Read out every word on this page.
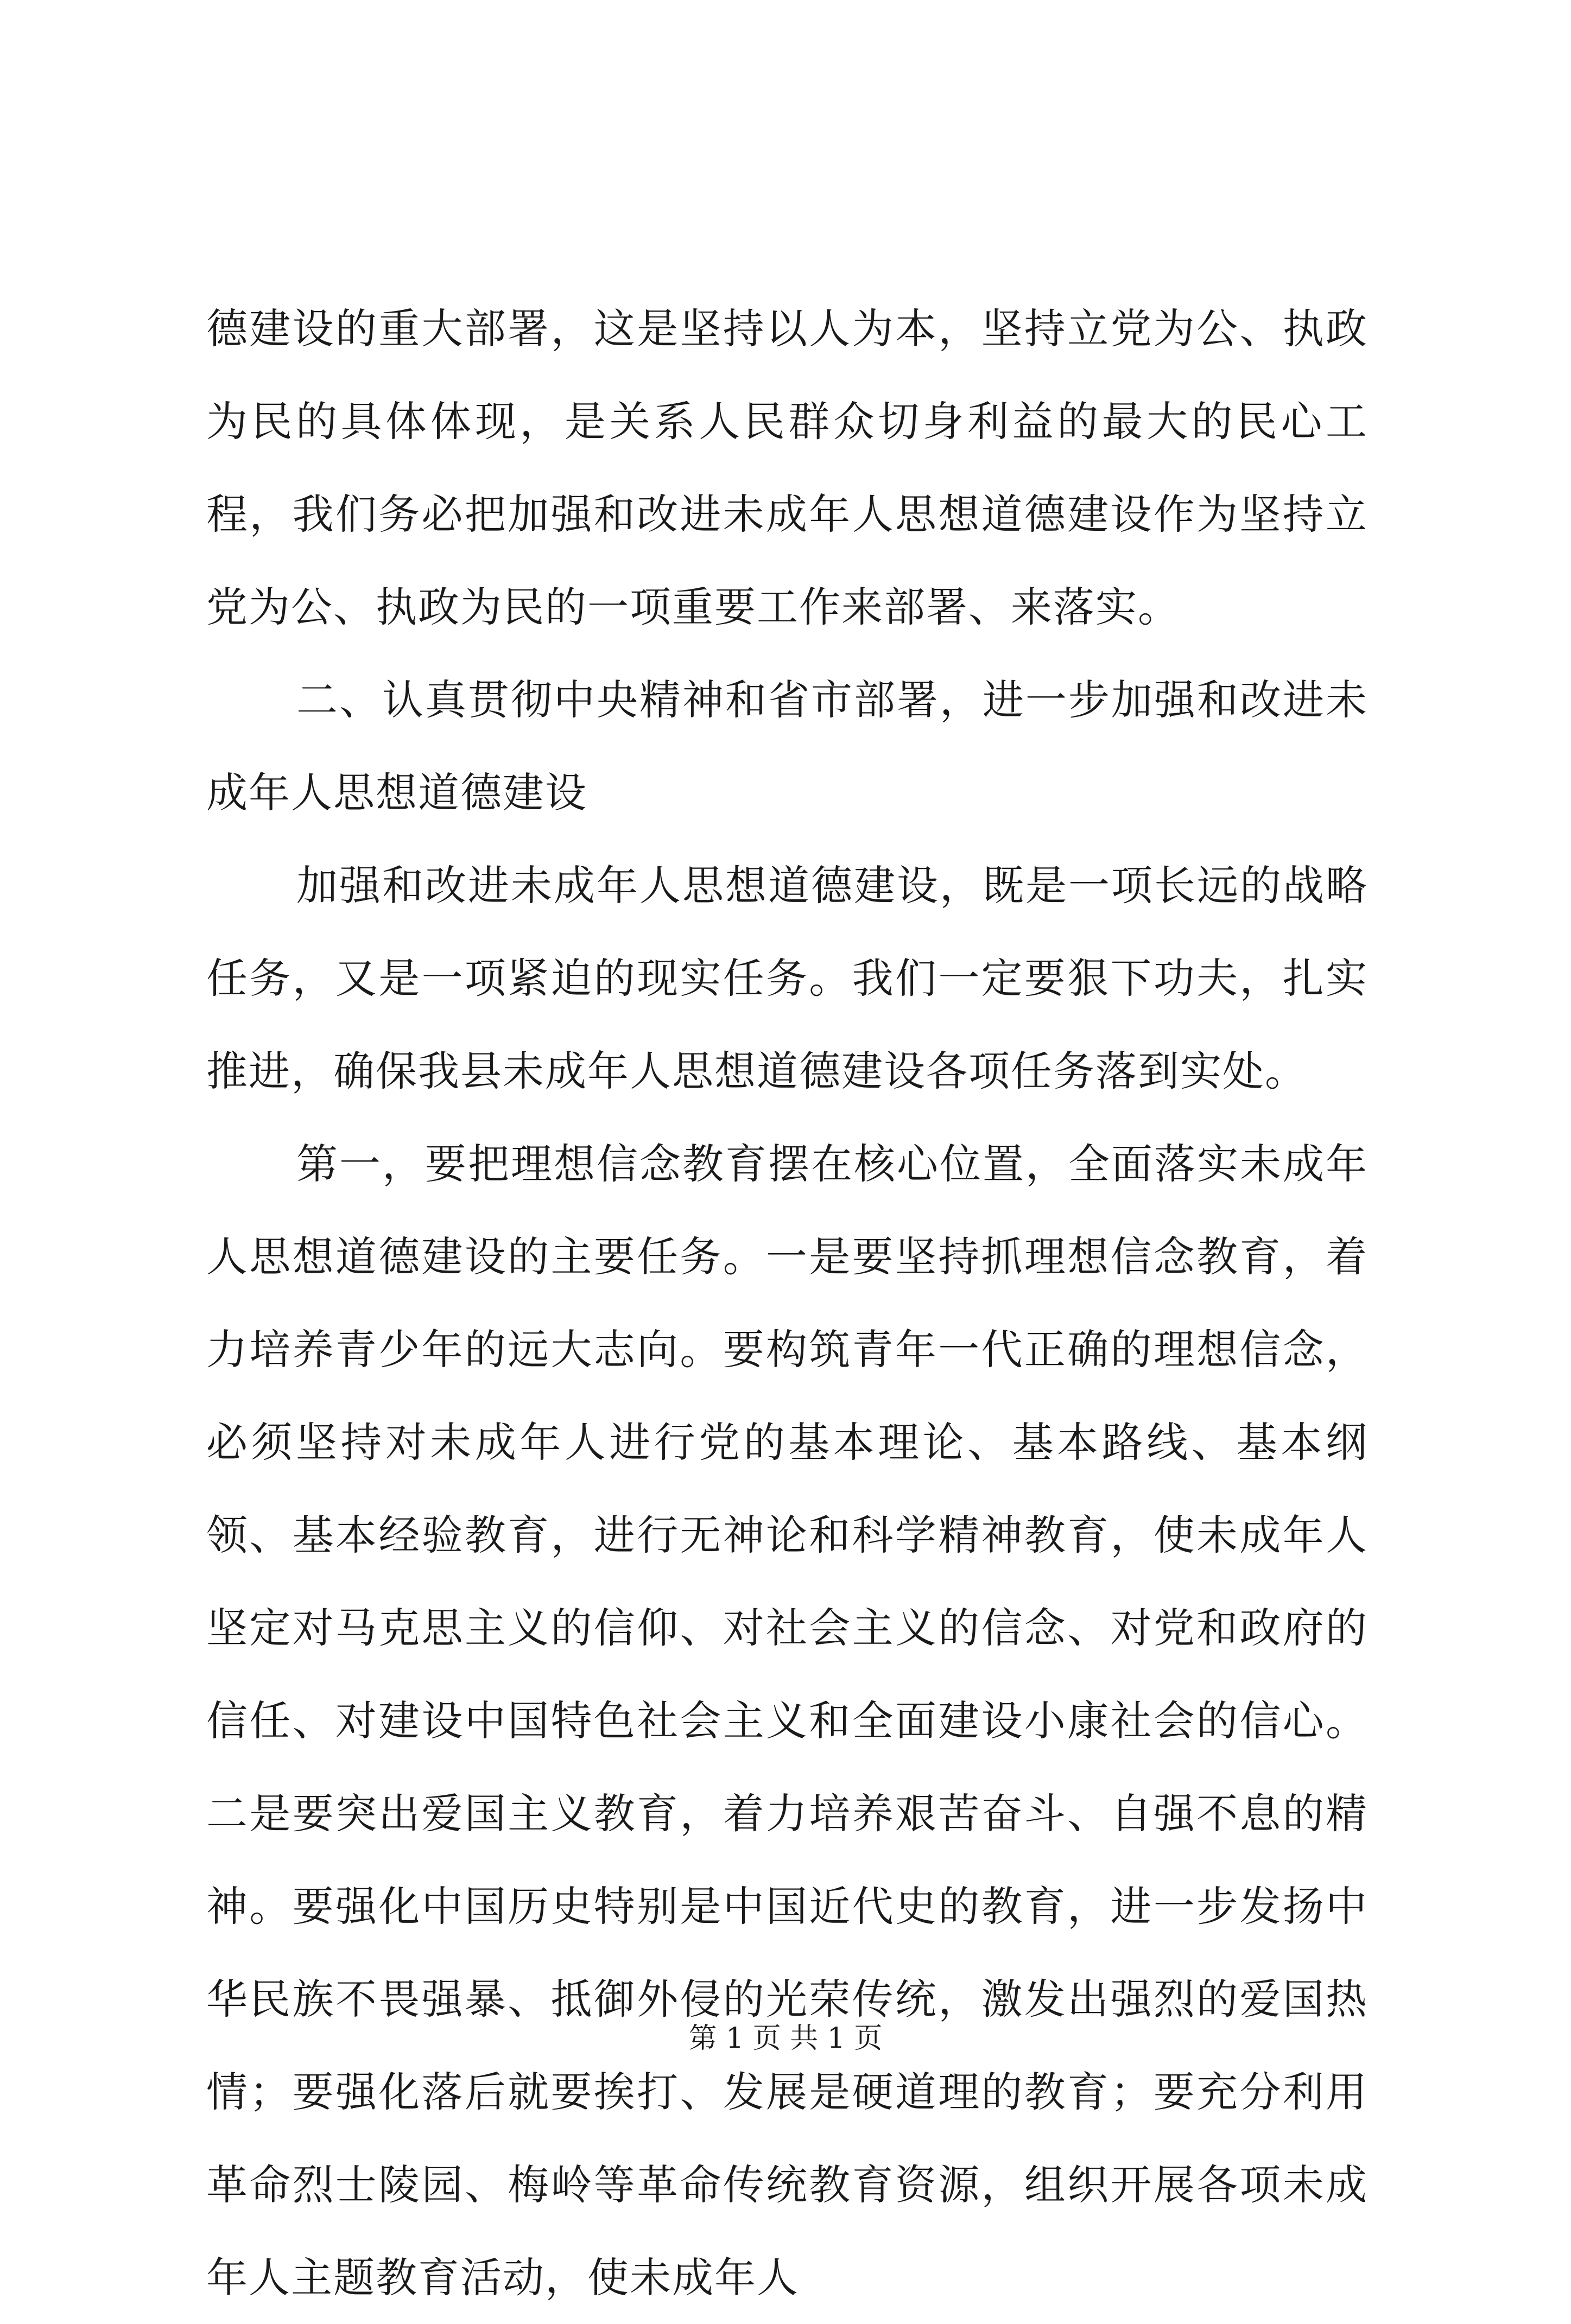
德建设的重大部署，这是坚持以人为本，坚持立党为公、执政为民的具体体现，是关系人民群众切身利益的最大的民心工程，我们务必把加强和改进未成年人思想道德建设作为坚持立党为公、执政为民的一项重要工作来部署、来落实。

二、认真贯彻中央精神和省市部署，进一步加强和改进未成年人思想道德建设

加强和改进未成年人思想道德建设，既是一项长远的战略任务，又是一项紧迫的现实任务。我们一定要狠下功夫，扎实推进，确保我县未成年人思想道德建设各项任务落到实处。

第一，要把理想信念教育摆在核心位置，全面落实未成年人思想道德建设的主要任务。一是要坚持抓理想信念教育，着力培养青少年的远大志向。要构筑青年一代正确的理想信念，必须坚持对未成年人进行党的基本理论、基本路线、基本纲领、基本经验教育，进行无神论和科学精神教育，使未成年人坚定对马克思主义的信仰、对社会主义的信念、对党和政府的信任、对建设中国特色社会主义和全面建设小康社会的信心。二是要突出爱国主义教育，着力培养艰苦奋斗、自强不息的精神。要强化中国历史特别是中国近代史的教育，进一步发扬中华民族不畏强暴、抵御外侵的光荣传统，激发出强烈的爱国热情；要强化落后就要挨打、发展是硬道理的教育；要充分利用革命烈士陵园、梅岭等革命传统教育资源，组织开展各项未成年人主题教育活动，使未成年人

第 1 页 共 1 页
